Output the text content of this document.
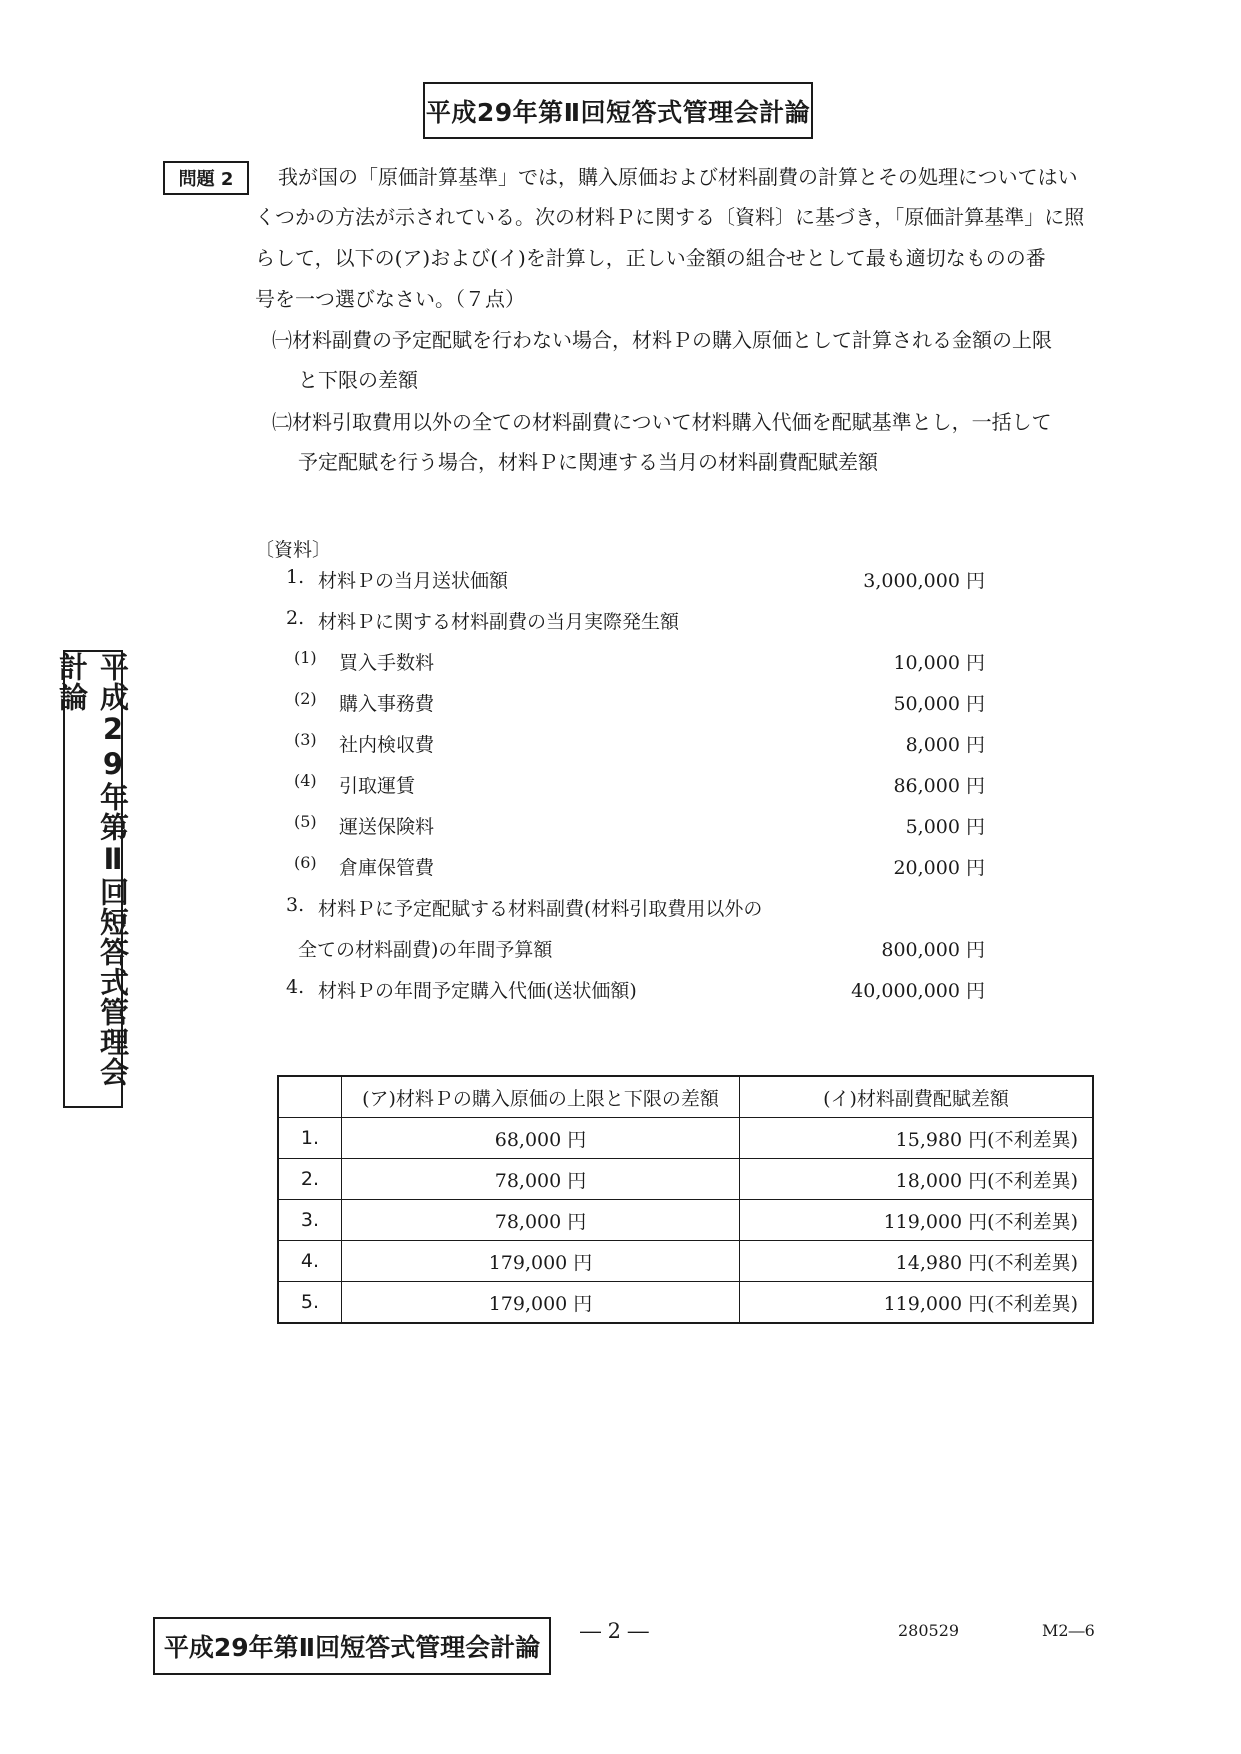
平成29年第Ⅱ回短答式管理会計論
問題 2 我が国の「原価計算基準」では，購入原価および材料副費の計算とその処理についてはい
くつかの方法が示されている。次の材料Ｐに関する〔資料〕に基づき，「原価計算基準」に照
らして，以下の(ア)および(イ)を計算し，正しい金額の組合せとして最も適切なものの番
号を一つ選びなさい。（７点）
㈠材料副費の予定配賦を行わない場合，材料Ｐの購入原価として計算される金額の上限
と下限の差額
㈡材料引取費用以外の全ての材料副費について材料購入代価を配賦基準とし，一括して
予定配賦を行う場合，材料Ｐに関連する当月の材料副費配賦差額
〔資料〕
1. 材料Ｐの当月送状価額	3,000,000 円
2. 材料Ｐに関する材料副費の当月実際発生額
(1) 買入手数料	10,000 円
(2) 購入事務費	50,000 円
(3) 社内検収費	8,000 円
(4) 引取運賃	86,000 円
(5) 運送保険料	5,000 円
(6) 倉庫保管費	20,000 円
3. 材料Ｐに予定配賦する材料副費(材料引取費用以外の
全ての材料副費)の年間予算額	800,000 円
4. 材料Ｐの年間予定購入代価(送状価額)	40,000,000 円
平成29年第Ⅱ回短答式管理会計論
	(ア)材料Ｐの購入原価の上限と下限の差額	(イ)材料副費配賦差額
1.	68,000 円	15,980 円(不利差異)
2.	78,000 円	18,000 円(不利差異)
3.	78,000 円	119,000 円(不利差異)
4.	179,000 円	14,980 円(不利差異)
5.	179,000 円	119,000 円(不利差異)
平成29年第Ⅱ回短答式管理会計論
― 2 ―	280529	M2―6
